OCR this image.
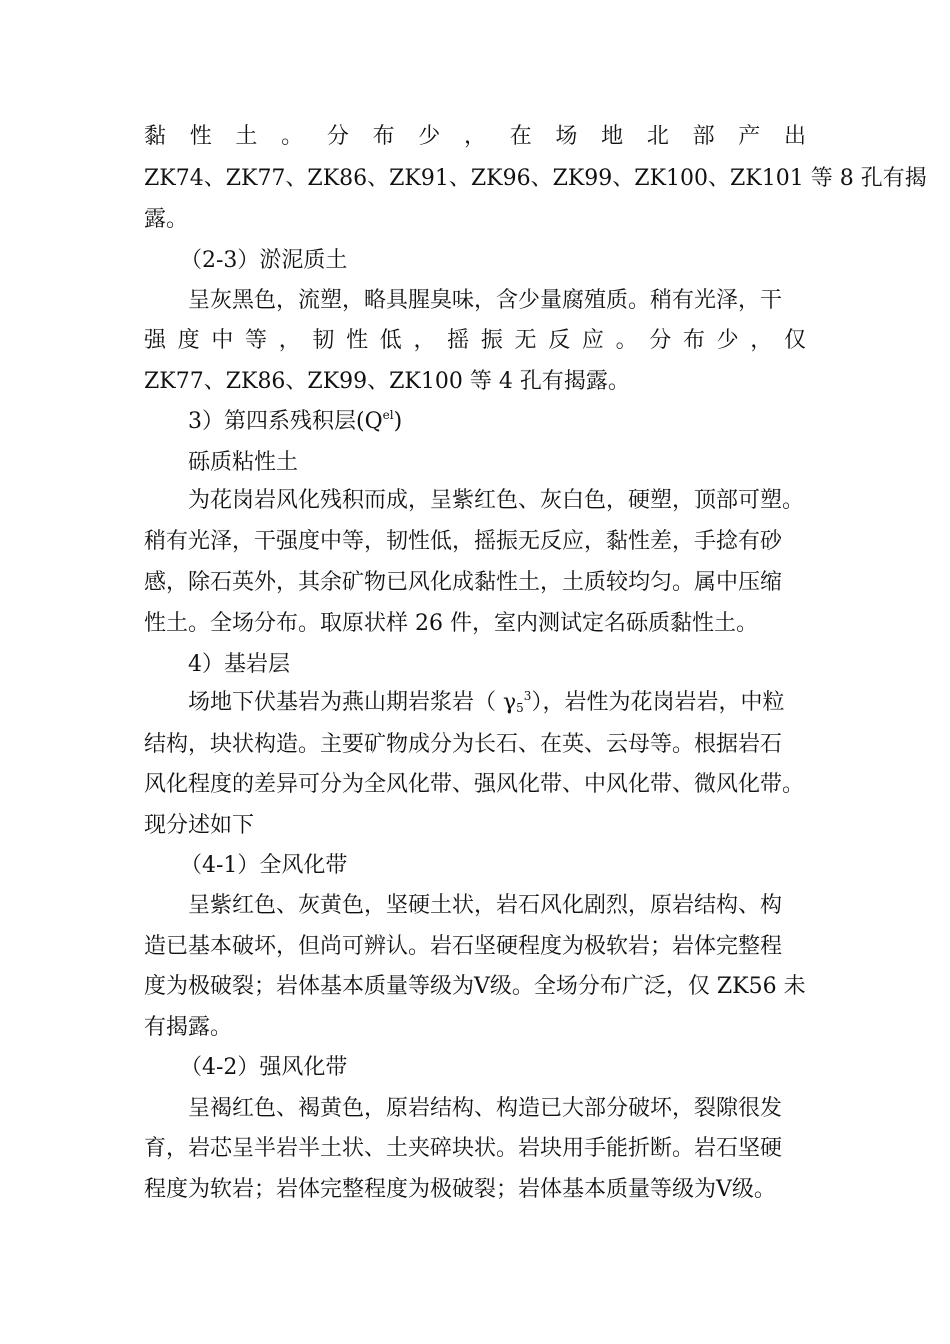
黏 性 土 。 分 布 少 ， 在 场 地 北 部 产 出
ZK74、ZK77、ZK86、ZK91、ZK96、ZK99、ZK100、ZK101 等 8 孔有揭
露。
（2-3）淤泥质土
呈灰黑色，流塑，略具腥臭味，含少量腐殖质。稍有光泽，干
强 度 中 等 ， 韧 性 低 ， 摇 振 无 反 应 。 分 布 少 ， 仅
ZK77、ZK86、ZK99、ZK100 等 4 孔有揭露。
3）第四系残积层$(Q^{el})$
砾质粘性土
为花岗岩风化残积而成，呈紫红色、灰白色，硬塑，顶部可塑。
稍有光泽，干强度中等，韧性低，摇振无反应，黏性差，手捻有砂
感，除石英外，其余矿物已风化成黏性土，土质较均匀。属中压缩
性土。全场分布。取原状样 26 件，室内测试定名砾质黏性土。
4）基岩层
场地下伏基岩为燕山期岩浆岩（ $\gamma_5^3$），岩性为花岗岩岩，中粒
结构，块状构造。主要矿物成分为长石、在英、云母等。根据岩石
风化程度的差异可分为全风化带、强风化带、中风化带、微风化带。
现分述如下
（4-1）全风化带
呈紫红色、灰黄色，坚硬土状，岩石风化剧烈，原岩结构、构
造已基本破坏，但尚可辨认。岩石坚硬程度为极软岩；岩体完整程
度为极破裂；岩体基本质量等级为Ⅴ级。全场分布广泛，仅 ZK56 未
有揭露。
（4-2）强风化带
呈褐红色、褐黄色，原岩结构、构造已大部分破坏，裂隙很发
育，岩芯呈半岩半土状、土夹碎块状。岩块用手能折断。岩石坚硬
程度为软岩；岩体完整程度为极破裂；岩体基本质量等级为Ⅴ级。
